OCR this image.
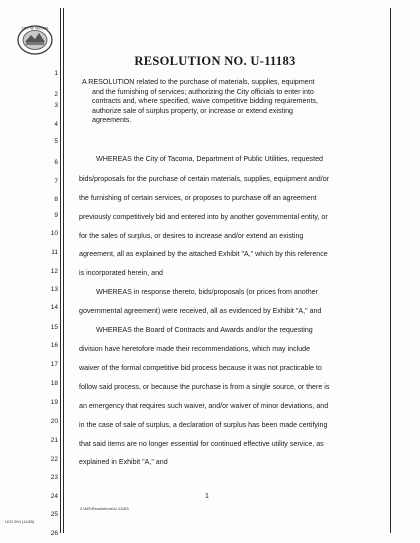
CITY OF TACOMA
1
2
3
4
5
6
7
8
9
10
11
12
13
14
15
16
17
18
19
20
21
22
23
24
25
26
RESOLUTION NO. U-11183
A RESOLUTION related to the purchase of materials, supplies, equipment
and the furnishing of services; authorizing the City officials to enter into
contracts and, where specified, waive competitive bidding requirements,
authorize sale of surplus property, or increase or extend existing
agreements.
WHEREAS the City of Tacoma, Department of Public Utilities, requested
bids/proposals for the purchase of certain materials, supplies, equipment and/or
the furnishing of certain services, or proposes to purchase off an agreement
previously competitively bid and entered into by another governmental entity, or
for the sales of surplus, or desires to increase and/or extend an existing
agreement, all as explained by the attached Exhibit "A," which by this reference
is incorporated herein, and
WHEREAS in response thereto, bids/proposals (or prices from another
governmental agreement) were received, all as evidenced by Exhibit "A," and
WHEREAS the Board of Contracts and Awards and/or the requesting
division have heretofore made their recommendations, which may include
waiver of the formal competitive bid process because it was not practicable to
follow said process, or because the purchase is from a single source, or there is
an emergency that requires such waiver, and/or waiver of minor deviations, and
in the case of sale of surplus, a declaration of surplus has been made certifying
that said items are no longer essential for continued effective utility service, as
explained in Exhibit "A," and
1
Z:\MS\Resolutions\U-11183
LEG 004 (11/89)
